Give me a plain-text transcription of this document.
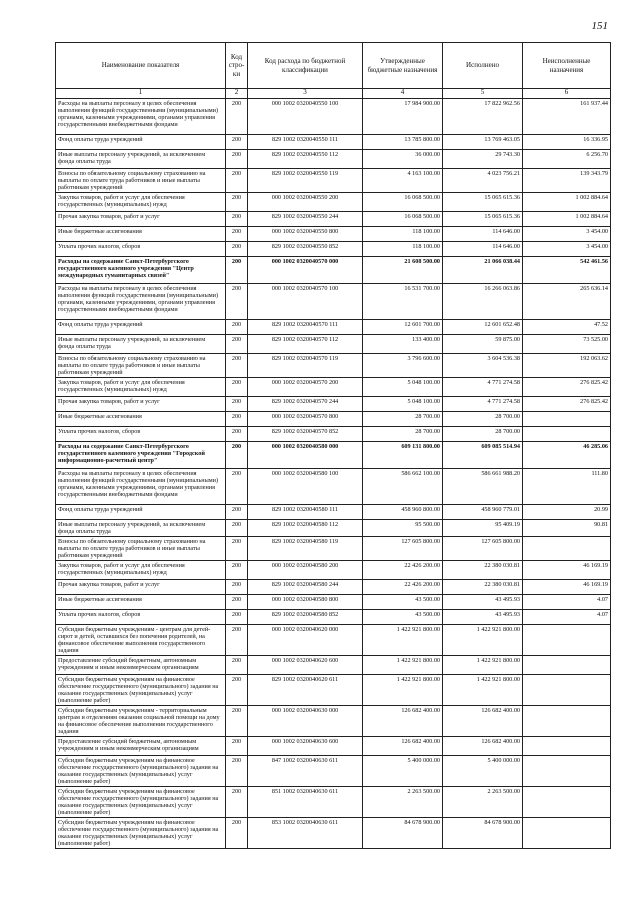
151
Наименование показателя	Код стро-ки	Код расхода по бюджетной классификации	Утвержденные бюджетные назначения	Исполнено	Неисполненные назначения
1	2	3	4	5	6
Расходы на выплаты персоналу в целях обеспечения выполнения функций государственными (муниципальными) органами, казенными учреждениями, органами управления государственными внебюджетными фондами	200	000 1002 0320040550 100	17 984 900.00	17 822 962.56	161 937.44
Фонд оплаты труда учреждений	200	829 1002 0320040550 111	13 785 800.00	13 769 463.05	16 336.95
Иные выплаты персоналу учреждений, за исключением фонда оплаты труда	200	829 1002 0320040550 112	36 000.00	29 743.30	6 256.70
Взносы по обязательному социальному страхованию на выплаты по оплате труда работников и иные выплаты работникам учреждений	200	829 1002 0320040550 119	4 163 100.00	4 023 756.21	139 343.79
Закупка товаров, работ и услуг для обеспечения государственных (муниципальных) нужд	200	000 1002 0320040550 200	16 068 500.00	15 065 615.36	1 002 884.64
Прочая закупка товаров, работ и услуг	200	829 1002 0320040550 244	16 068 500.00	15 065 615.36	1 002 884.64
Иные бюджетные ассигнования	200	000 1002 0320040550 800	118 100.00	114 646.00	3 454.00
Уплата прочих налогов, сборов	200	829 1002 0320040550 852	118 100.00	114 646.00	3 454.00
Расходы на содержание Санкт-Петербургского государственного казенного учреждения "Центр международных гуманитарных связей"	200	000 1002 0320040570 000	21 608 500.00	21 066 038.44	542 461.56
Расходы на выплаты персоналу в целях обеспечения выполнения функций государственными (муниципальными) органами, казенными учреждениями, органами управления государственными внебюджетными фондами	200	000 1002 0320040570 100	16 531 700.00	16 266 063.86	265 636.14
Фонд оплаты труда учреждений	200	829 1002 0320040570 111	12 601 700.00	12 601 652.48	47.52
Иные выплаты персоналу учреждений, за исключением фонда оплаты труда	200	829 1002 0320040570 112	133 400.00	59 875.00	73 525.00
Взносы по обязательному социальному страхованию на выплаты по оплате труда работников и иные выплаты работникам учреждений	200	829 1002 0320040570 119	3 796 600.00	3 604 536.38	192 063.62
Закупка товаров, работ и услуг для обеспечения государственных (муниципальных) нужд	200	000 1002 0320040570 200	5 048 100.00	4 771 274.58	276 825.42
Прочая закупка товаров, работ и услуг	200	829 1002 0320040570 244	5 048 100.00	4 771 274.58	276 825.42
Иные бюджетные ассигнования	200	000 1002 0320040570 800	28 700.00	28 700.00	
Уплата прочих налогов, сборов	200	829 1002 0320040570 852	28 700.00	28 700.00	
Расходы на содержание Санкт-Петербургского государственного казенного учреждения "Городской информационно-расчетный центр"	200	000 1002 0320040580 000	609 131 800.00	609 085 514.94	46 285.06
Расходы на выплаты персоналу в целях обеспечения выполнения функций государственными (муниципальными) органами, казенными учреждениями, органами управления государственными внебюджетными фондами	200	000 1002 0320040580 100	586 662 100.00	586 661 988.20	111.80
Фонд оплаты труда учреждений	200	829 1002 0320040580 111	458 960 800.00	458 960 779.01	20.99
Иные выплаты персоналу учреждений, за исключением фонда оплаты труда	200	829 1002 0320040580 112	95 500.00	95 409.19	90.81
Взносы по обязательному социальному страхованию на выплаты по оплате труда работников и иные выплаты работникам учреждений	200	829 1002 0320040580 119	127 605 800.00	127 605 800.00	
Закупка товаров, работ и услуг для обеспечения государственных (муниципальных) нужд	200	000 1002 0320040580 200	22 426 200.00	22 380 030.81	46 169.19
Прочая закупка товаров, работ и услуг	200	829 1002 0320040580 244	22 426 200.00	22 380 030.81	46 169.19
Иные бюджетные ассигнования	200	000 1002 0320040580 800	43 500.00	43 495.93	4.07
Уплата прочих налогов, сборов	200	829 1002 0320040580 852	43 500.00	43 495.93	4.07
Субсидии бюджетным учреждениям - центрам для детей-сирот и детей, оставшихся без попечения родителей, на финансовое обеспечение выполнения государственного задания	200	000 1002 0320040620 000	1 422 921 800.00	1 422 921 800.00	
Предоставление субсидий бюджетным, автономным учреждениям и иным некоммерческим организациям	200	000 1002 0320040620 600	1 422 921 800.00	1 422 921 800.00	
Субсидии бюджетным учреждениям на финансовое обеспечение государственного (муниципального) задания на оказание государственных (муниципальных) услуг (выполнение работ)	200	829 1002 0320040620 611	1 422 921 800.00	1 422 921 800.00	
Субсидии бюджетным учреждениям - территориальным центрам и отделениям оказания социальной помощи на дому на финансовое обеспечение выполнения государственного задания	200	000 1002 0320040630 000	126 682 400.00	126 682 400.00	
Предоставление субсидий бюджетным, автономным учреждениям и иным некоммерческим организациям	200	000 1002 0320040630 600	126 682 400.00	126 682 400.00	
Субсидии бюджетным учреждениям на финансовое обеспечение государственного (муниципального) задания на оказание государственных (муниципальных) услуг (выполнение работ)	200	847 1002 0320040630 611	5 400 000.00	5 400 000.00	
Субсидии бюджетным учреждениям на финансовое обеспечение государственного (муниципального) задания на оказание государственных (муниципальных) услуг (выполнение работ)	200	851 1002 0320040630 611	2 263 500.00	2 263 500.00	
Субсидии бюджетным учреждениям на финансовое обеспечение государственного (муниципального) задания на оказание государственных (муниципальных) услуг (выполнение работ)	200	853 1002 0320040630 611	84 678 900.00	84 678 900.00	
